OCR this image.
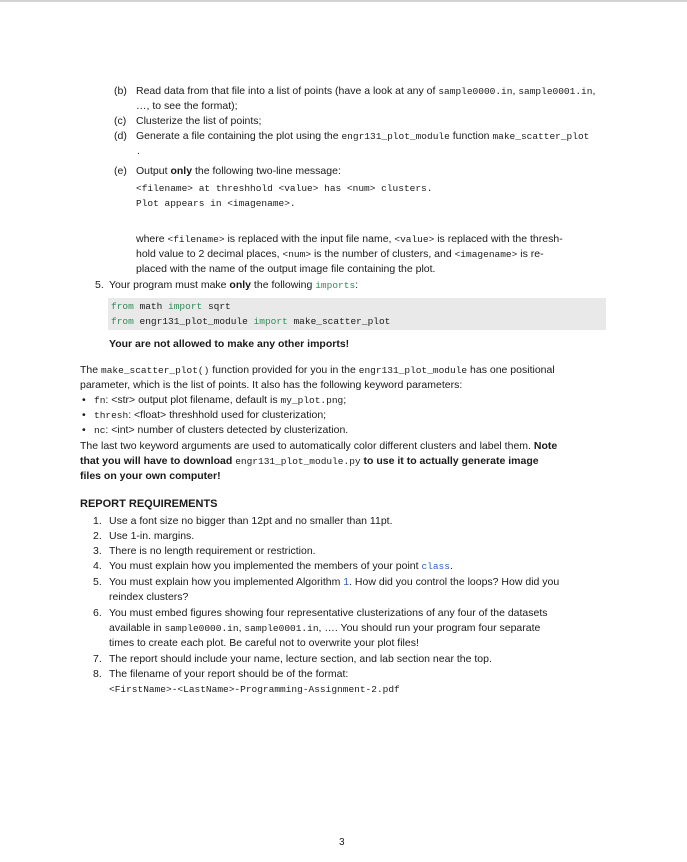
(b) Read data from that file into a list of points (have a look at any of sample0000.in, sample0001.in,
…, to see the format);
(c) Clusterize the list of points;
(d) Generate a file containing the plot using the engr131_plot_module function make_scatter_plot
.
(e) Output only the following two-line message:
<filename> at threshhold <value> has <num> clusters.
Plot appears in <imagename>.
where <filename> is replaced with the input file name, <value> is replaced with the thresh-
hold value to 2 decimal places, <num> is the number of clusters, and <imagename> is re-
placed with the name of the output image file containing the plot.
5. Your program must make only the following imports:
from math import sqrt
from engr131_plot_module import make_scatter_plot
Your are not allowed to make any other imports!
The make_scatter_plot() function provided for you in the engr131_plot_module has one positional
parameter, which is the list of points. It also has the following keyword parameters:
• fn: <str> output plot filename, default is my_plot.png;
• thresh: <float> threshhold used for clusterization;
• nc: <int> number of clusters detected by clusterization.
The last two keyword arguments are used to automatically color different clusters and label them. Note
that you will have to download engr131_plot_module.py to use it to actually generate image
files on your own computer!
REPORT REQUIREMENTS
1. Use a font size no bigger than 12pt and no smaller than 11pt.
2. Use 1-in. margins.
3. There is no length requirement or restriction.
4. You must explain how you implemented the members of your point class.
5. You must explain how you implemented Algorithm 1. How did you control the loops? How did you
reindex clusters?
6. You must embed figures showing four representative clusterizations of any four of the datasets
available in sample0000.in, sample0001.in, …. You should run your program four separate
times to create each plot. Be careful not to overwrite your plot files!
7. The report should include your name, lecture section, and lab section near the top.
8. The filename of your report should be of the format:
<FirstName>-<LastName>-Programming-Assignment-2.pdf
3
